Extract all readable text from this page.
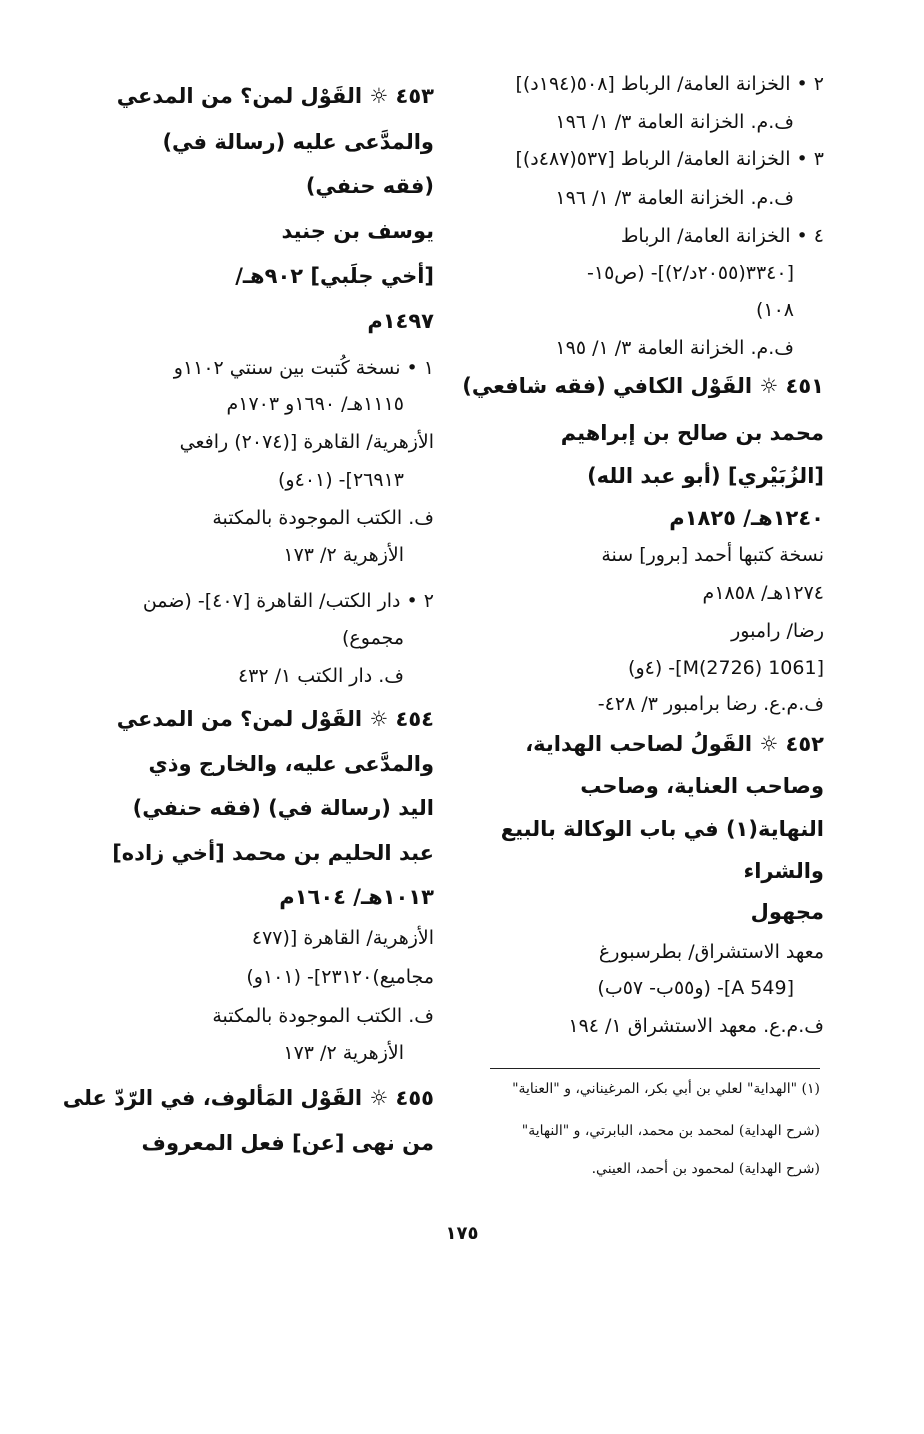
٢ • الخزانة العامة/ الرباط [٥٠٨(١٩٤د)]
ف.م. الخزانة العامة ٣/ ١/ ١٩٦
٣ • الخزانة العامة/ الرباط [٥٣٧(٤٨٧د)]
ف.م. الخزانة العامة ٣/ ١/ ١٩٦
٤ • الخزانة العامة/ الرباط
[٣٣٤٠(٢٠٥٥د/٢)]- (ص١٥-
١٠٨)
ف.م. الخزانة العامة ٣/ ١/ ١٩٥
٤٥١ ☼ القَوْل الكافي (فقه شافعي)
محمد بن صالح بن إبراهيم
[الزُبَيْري] (أبو عبد الله)
١٢٤٠هـ/ ١٨٢٥م
نسخة كتبها أحمد [برور] سنة
١٢٧٤هـ/ ١٨٥٨م
رضا/ رامبور
[1061 M(2726)]- (٤و)
ف.م.ع. رضا برامبور ٣/ ٤٢٨-
٤٥٢ ☼ القَولُ لصاحب الهداية،
وصاحب العناية، وصاحب
النهاية(١) في باب الوكالة بالبيع
والشراء
مجهول
معهد الاستشراق/ بطرسبورغ
[A 549]- (و٥٥ب- ٥٧ب)
ف.م.ع. معهد الاستشراق ١/ ١٩٤
٤٥٣ ☼ القَوْل لمن؟ من المدعي
والمدَّعى عليه (رسالة في)
(فقه حنفي)
يوسف بن جنيد
[أخي جلَبي] ٩٠٢هـ/
١٤٩٧م
١ • نسخة كُتبت بين سنتي ١١٠٢و
١١١٥هـ/ ١٦٩٠و ١٧٠٣م
الأزهرية/ القاهرة [(٢٠٧٤) رافعي
٢٦٩١٣]- (٤٠١و)
ف. الكتب الموجودة بالمكتبة
الأزهرية ٢/ ١٧٣
٢ • دار الكتب/ القاهرة [٤٠٧]- (ضمن
مجموع)
ف. دار الكتب ١/ ٤٣٢
٤٥٤ ☼ القَوْل لمن؟ من المدعي
والمدَّعى عليه، والخارج وذي
اليد (رسالة في) (فقه حنفي)
عبد الحليم بن محمد [أخي زاده]
١٠١٣هـ/ ١٦٠٤م
الأزهرية/ القاهرة [(٤٧٧
مجاميع)٢٣١٢٠]- (١٠١و)
ف. الكتب الموجودة بالمكتبة
الأزهرية ٢/ ١٧٣
٤٥٥ ☼ القَوْل المَألوف، في الرّدّ على
من نهى [عن] فعل المعروف
(١) "الهداية" لعلي بن أبي بكر، المرغيناني، و "العناية"
(شرح الهداية) لمحمد بن محمد، البابرتي، و "النهاية"
(شرح الهداية) لمحمود بن أحمد، العيني.
١٧٥
